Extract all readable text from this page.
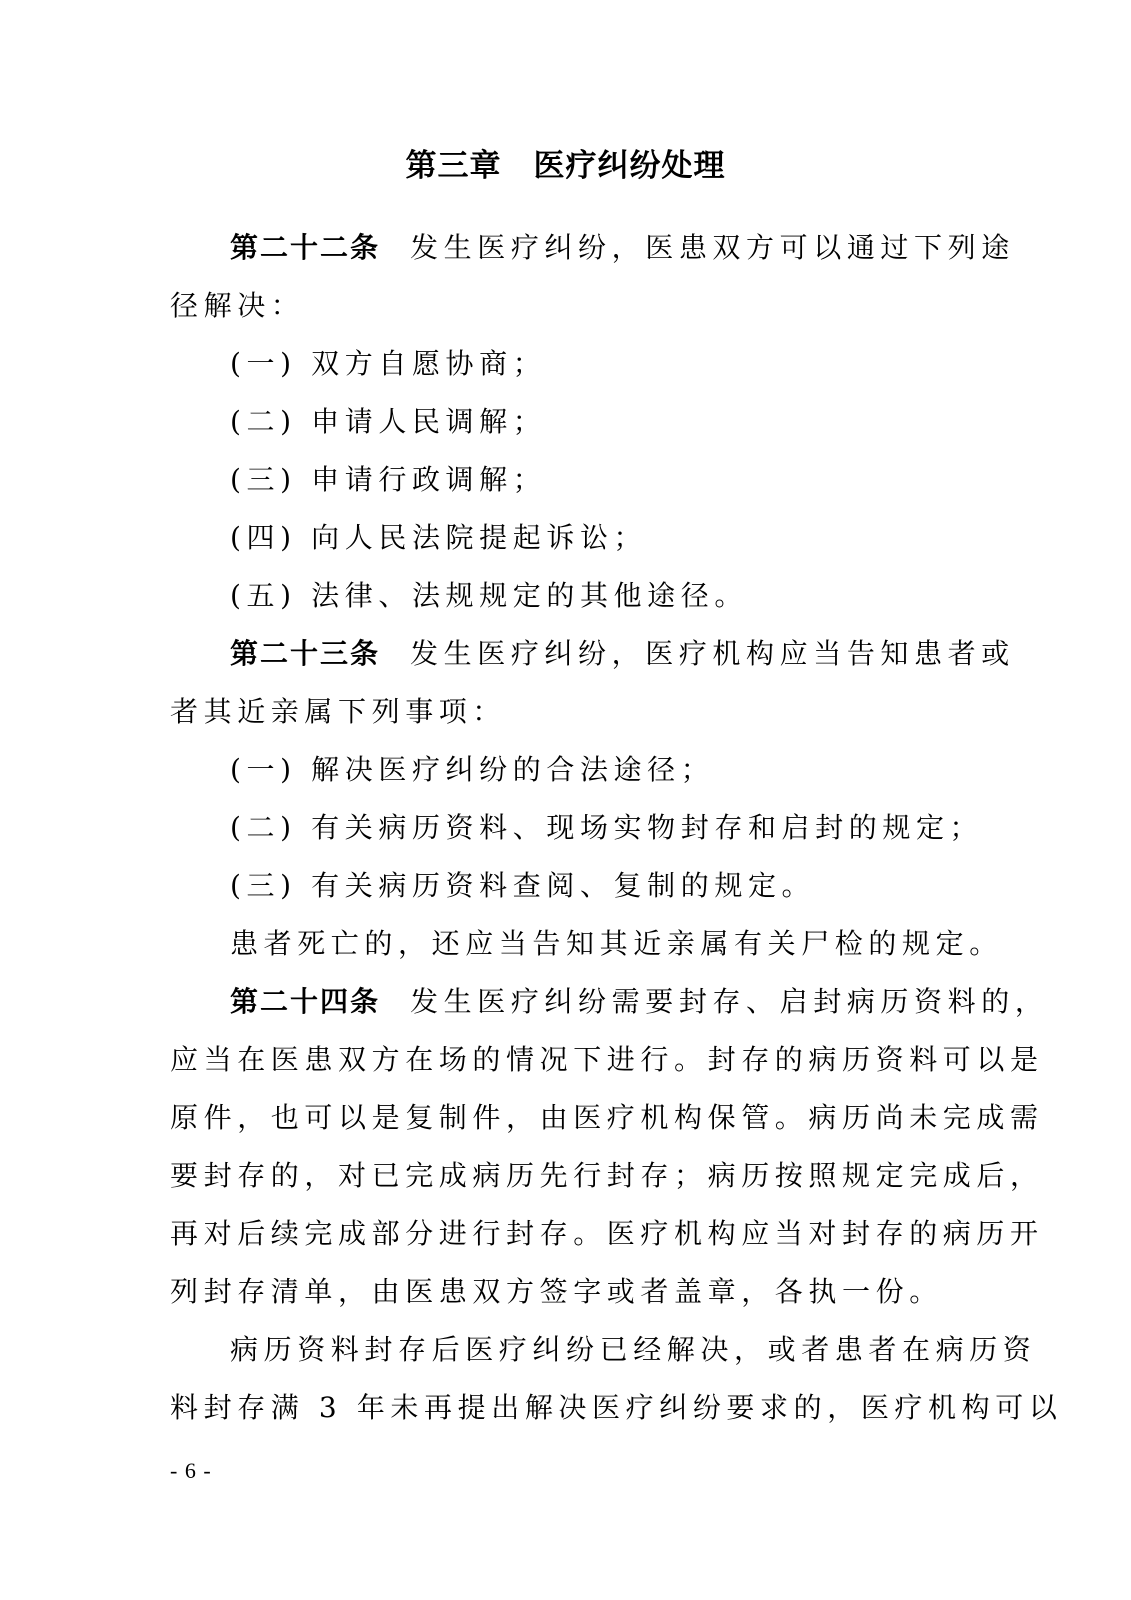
第三章　医疗纠纷处理
第二十二条 发生医疗纠纷，医患双方可以通过下列途
径解决：
(一) 双方自愿协商；
(二) 申请人民调解；
(三) 申请行政调解；
(四) 向人民法院提起诉讼；
(五) 法律、法规规定的其他途径。
第二十三条 发生医疗纠纷，医疗机构应当告知患者或
者其近亲属下列事项：
(一) 解决医疗纠纷的合法途径；
(二) 有关病历资料、现场实物封存和启封的规定；
(三) 有关病历资料查阅、复制的规定。
患者死亡的，还应当告知其近亲属有关尸检的规定。
第二十四条 发生医疗纠纷需要封存、启封病历资料的，
应当在医患双方在场的情况下进行。封存的病历资料可以是
原件，也可以是复制件，由医疗机构保管。病历尚未完成需
要封存的，对已完成病历先行封存；病历按照规定完成后，
再对后续完成部分进行封存。医疗机构应当对封存的病历开
列封存清单，由医患双方签字或者盖章，各执一份。
病历资料封存后医疗纠纷已经解决，或者患者在病历资
料封存满 3 年未再提出解决医疗纠纷要求的，医疗机构可以
- 6 -
